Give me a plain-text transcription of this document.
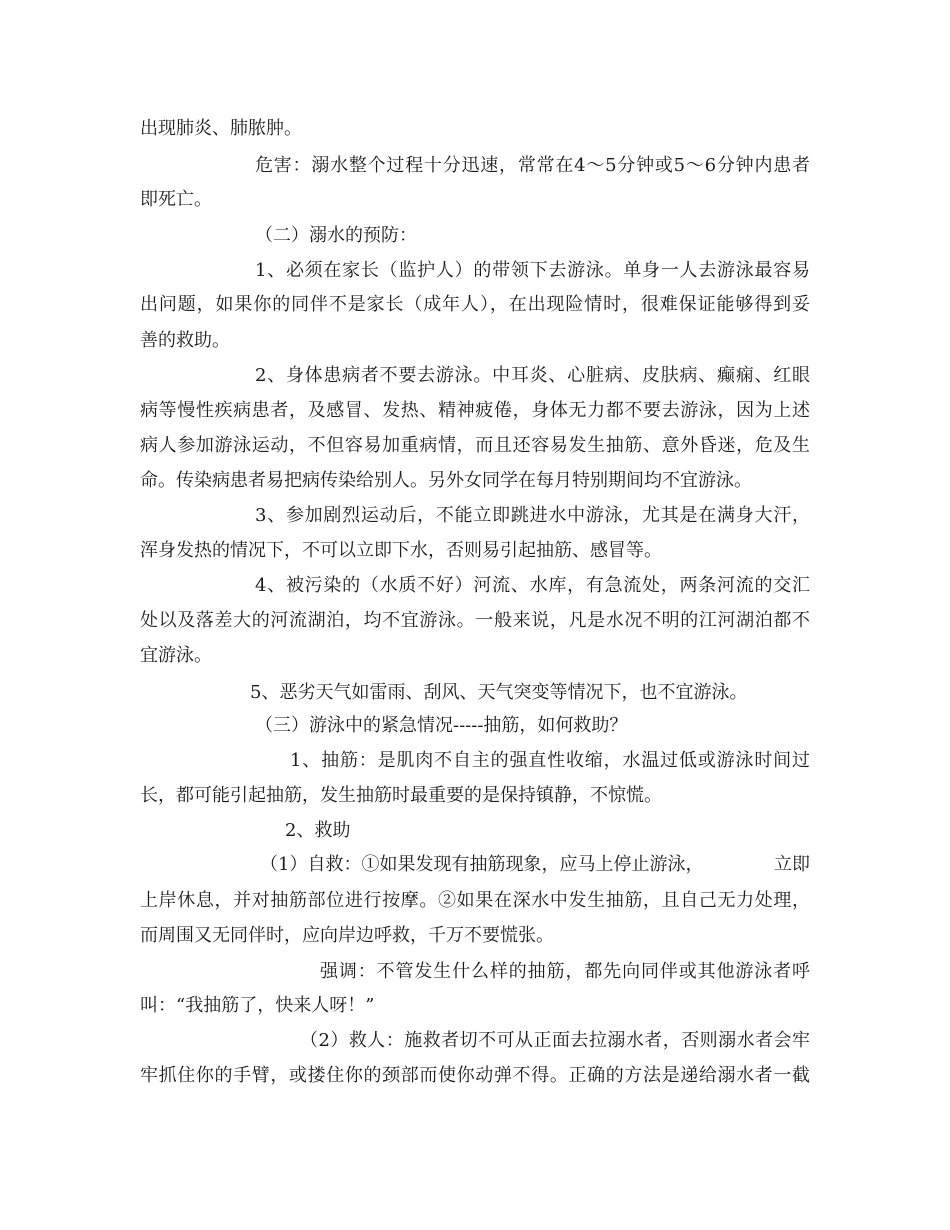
出现肺炎、肺脓肿。
危害：溺水整个过程十分迅速，常常在4～5分钟或5～6分钟内患者
即死亡。
（二）溺水的预防：
1、必须在家长（监护人）的带领下去游泳。单身一人去游泳最容易
出问题，如果你的同伴不是家长（成年人），在出现险情时，很难保证能够得到妥
善的救助。
2、身体患病者不要去游泳。中耳炎、心脏病、皮肤病、癫痫、红眼
病等慢性疾病患者，及感冒、发热、精神疲倦，身体无力都不要去游泳，因为上述
病人参加游泳运动，不但容易加重病情，而且还容易发生抽筋、意外昏迷，危及生
命。传染病患者易把病传染给别人。另外女同学在每月特别期间均不宜游泳。
3、参加剧烈运动后，不能立即跳进水中游泳，尤其是在满身大汗，
浑身发热的情况下，不可以立即下水，否则易引起抽筋、感冒等。
4、被污染的（水质不好）河流、水库，有急流处，两条河流的交汇
处以及落差大的河流湖泊，均不宜游泳。一般来说，凡是水况不明的江河湖泊都不
宜游泳。
5、恶劣天气如雷雨、刮风、天气突变等情况下，也不宜游泳。
（三）游泳中的紧急情况-----抽筋，如何救助？
1、抽筋：是肌肉不自主的强直性收缩，水温过低或游泳时间过
长，都可能引起抽筋，发生抽筋时最重要的是保持镇静，不惊慌。
2、救助
（1）自救：①如果发现有抽筋现象，应马上停止游泳，	立即
上岸休息，并对抽筋部位进行按摩。②如果在深水中发生抽筋，且自己无力处理，
而周围又无同伴时，应向岸边呼救，千万不要慌张。
强调：不管发生什么样的抽筋，都先向同伴或其他游泳者呼
叫：“我抽筋了，快来人呀！”
（2）救人：施救者切不可从正面去拉溺水者，否则溺水者会牢
牢抓住你的手臂，或搂住你的颈部而使你动弹不得。正确的方法是递给溺水者一截
